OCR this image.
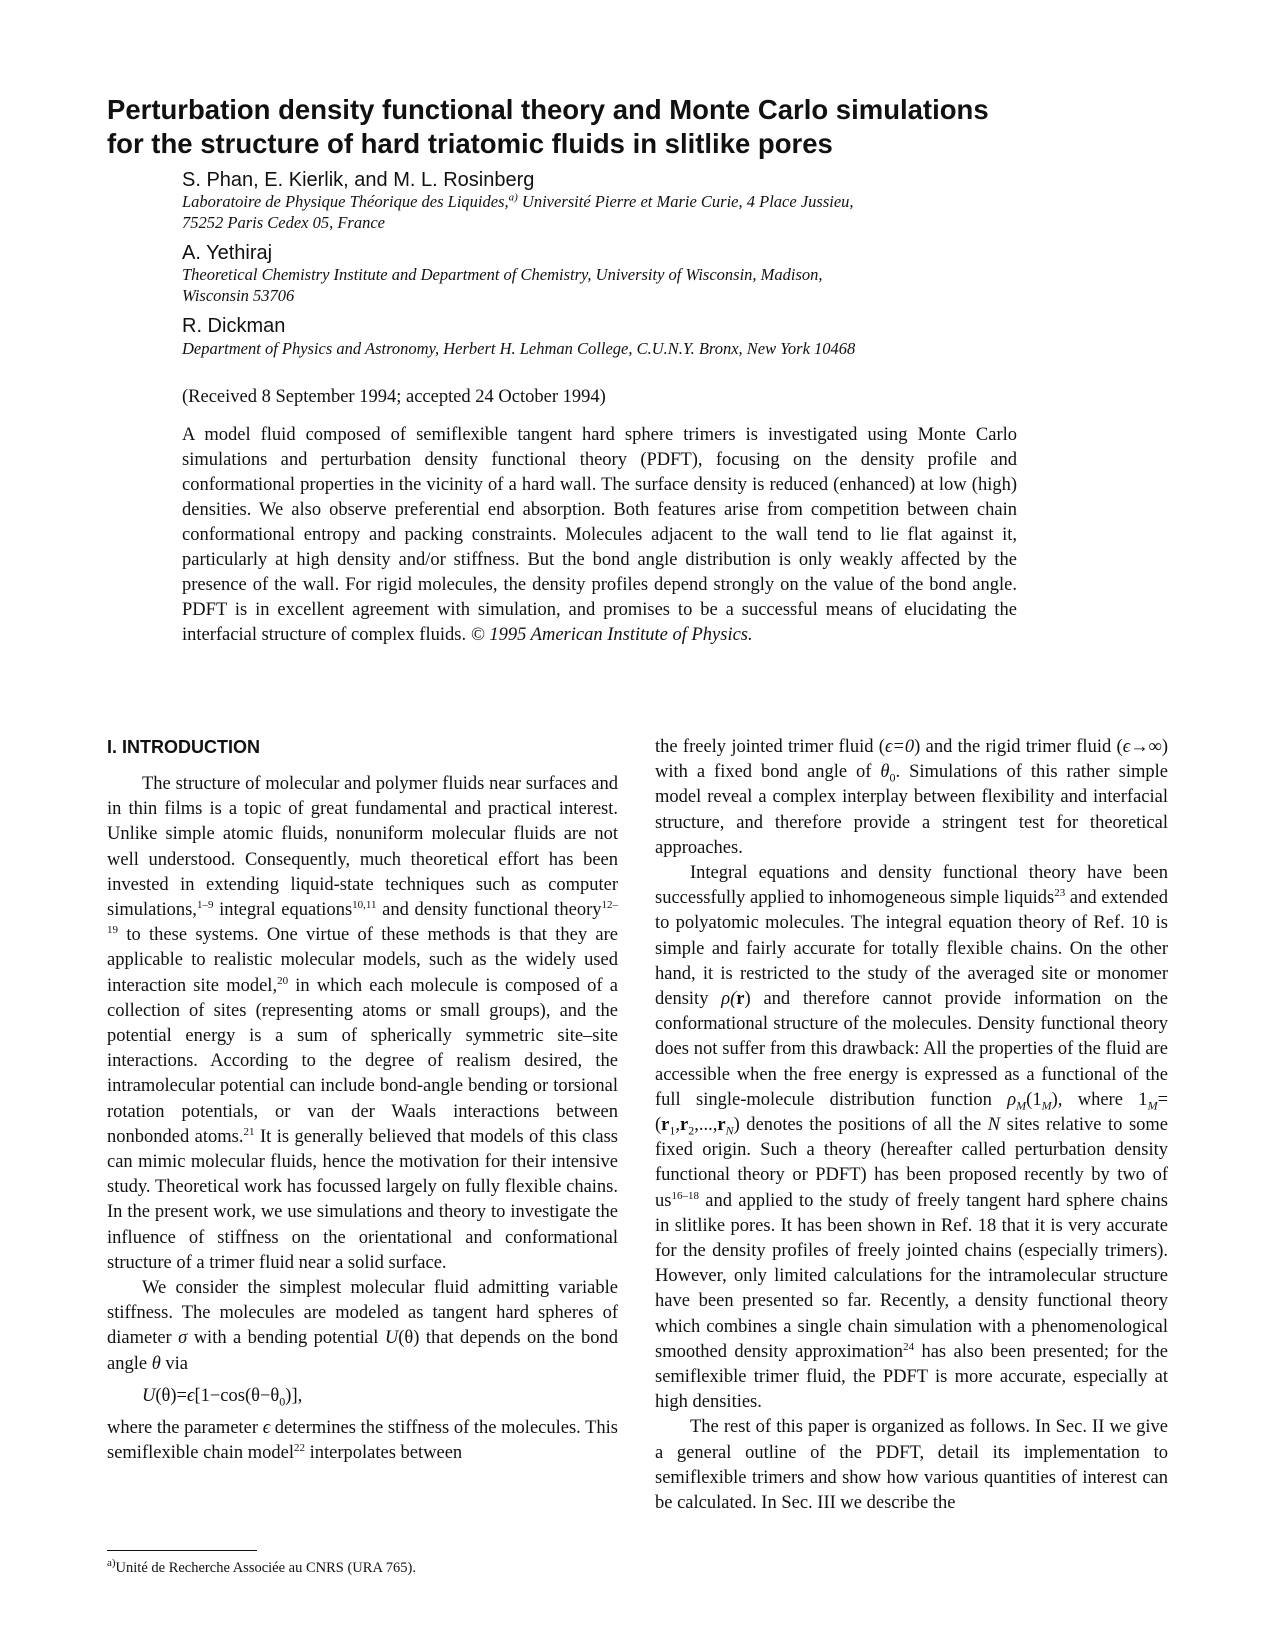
Perturbation density functional theory and Monte Carlo simulations
for the structure of hard triatomic fluids in slitlike pores
S. Phan, E. Kierlik, and M. L. Rosinberg
Laboratoire de Physique Théorique des Liquides,$^{a)}$ Université Pierre et Marie Curie, 4 Place Jussieu,
75252 Paris Cedex 05, France
A. Yethiraj
Theoretical Chemistry Institute and Department of Chemistry, University of Wisconsin, Madison,
Wisconsin 53706
R. Dickman
Department of Physics and Astronomy, Herbert H. Lehman College, C.U.N.Y. Bronx, New York 10468
(Received 8 September 1994; accepted 24 October 1994)
A model fluid composed of semiflexible tangent hard sphere trimers is investigated using Monte Carlo simulations and perturbation density functional theory (PDFT), focusing on the density profile and conformational properties in the vicinity of a hard wall. The surface density is reduced (enhanced) at low (high) densities. We also observe preferential end absorption. Both features arise from competition between chain conformational entropy and packing constraints. Molecules adjacent to the wall tend to lie flat against it, particularly at high density and/or stiffness. But the bond angle distribution is only weakly affected by the presence of the wall. For rigid molecules, the density profiles depend strongly on the value of the bond angle. PDFT is in excellent agreement with simulation, and promises to be a successful means of elucidating the interfacial structure of complex fluids. © 1995 American Institute of Physics.
I. INTRODUCTION

The structure of molecular and polymer fluids near surfaces and in thin films is a topic of great fundamental and practical interest. Unlike simple atomic fluids, nonuniform molecular fluids are not well understood. Consequently, much theoretical effort has been invested in extending liquid-state techniques such as computer simulations,$^{1-9}$ integral equations$^{10,11}$ and density functional theory$^{12-19}$ to these systems. One virtue of these methods is that they are applicable to realistic molecular models, such as the widely used interaction site model,$^{20}$ in which each molecule is composed of a collection of sites (representing atoms or small groups), and the potential energy is a sum of spherically symmetric site–site interactions. According to the degree of realism desired, the intramolecular potential can include bond-angle bending or torsional rotation potentials, or van der Waals interactions between nonbonded atoms.$^{21}$ It is generally believed that models of this class can mimic molecular fluids, hence the motivation for their intensive study. Theoretical work has focussed largely on fully flexible chains. In the present work, we use simulations and theory to investigate the influence of stiffness on the orientational and conformational structure of a trimer fluid near a solid surface.

We consider the simplest molecular fluid admitting variable stiffness. The molecules are modeled as tangent hard spheres of diameter σ with a bending potential U(θ) that depends on the bond angle θ via

$U(\theta)=\epsilon[1-\cos(\theta-\theta_0)]$,

where the parameter ϵ determines the stiffness of the molecules. This semiflexible chain model$^{22}$ interpolates between

$^{a)}$Unité de Recherche Associée au CNRS (URA 765).

the freely jointed trimer fluid (ϵ=0) and the rigid trimer fluid (ϵ→∞) with a fixed bond angle of $\theta_0$. Simulations of this rather simple model reveal a complex interplay between flexibility and interfacial structure, and therefore provide a stringent test for theoretical approaches.

Integral equations and density functional theory have been successfully applied to inhomogeneous simple liquids$^{23}$ and extended to polyatomic molecules. The integral equation theory of Ref. 10 is simple and fairly accurate for totally flexible chains. On the other hand, it is restricted to the study of the averaged site or monomer density ρ(r) and therefore cannot provide information on the conformational structure of the molecules. Density functional theory does not suffer from this drawback: All the properties of the fluid are accessible when the free energy is expressed as a functional of the full single-molecule distribution function $\rho_M(1_M)$, where $1_M=(r_1,r_2,...,r_N)$ denotes the positions of all the N sites relative to some fixed origin. Such a theory (hereafter called perturbation density functional theory or PDFT) has been proposed recently by two of $us^{16-18}$ and applied to the study of freely tangent hard sphere chains in slitlike pores. It has been shown in Ref. 18 that it is very accurate for the density profiles of freely jointed chains (especially trimers). However, only limited calculations for the intramolecular structure have been presented so far. Recently, a density functional theory which combines a single chain simulation with a phenomenological smoothed density approximation$^{24}$ has also been presented; for the semiflexible trimer fluid, the PDFT is more accurate, especially at high densities.

The rest of this paper is organized as follows. In Sec. II we give a general outline of the PDFT, detail its implementation to semiflexible trimers and show how various quantities of interest can be calculated. In Sec. III we describe the
